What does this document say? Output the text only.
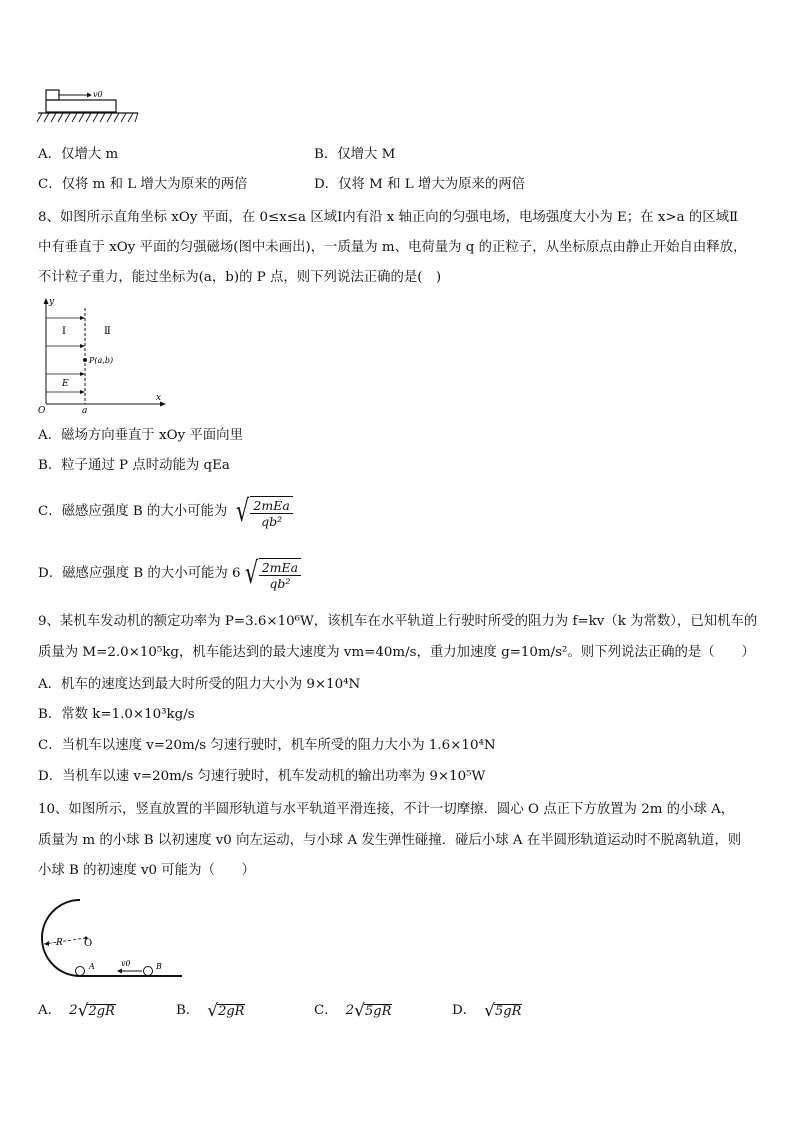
v0
A．仅增大 m	B．仅增大 M
C．仅将 m 和 L 增大为原来的两倍	D．仅将 M 和 L 增大为原来的两倍
8、如图所示直角坐标 xOy 平面，在 0≤x≤a 区域Ⅰ内有沿 x 轴正向的匀强电场，电场强度大小为 E；在 x>a 的区域Ⅱ
中有垂直于 xOy 平面的匀强磁场(图中未画出)，一质量为 m、电荷量为 q 的正粒子，从坐标原点由静止开始自由释放，
不计粒子重力，能过坐标为(a，b)的 P 点，则下列说法正确的是(　)
y
x
O	a
Ⅰ	Ⅱ
E
P(a,b)
A．磁场方向垂直于 xOy 平面向里
B．粒子通过 P 点时动能为 qEa
C．磁感应强度 B 的大小可能为 √ $\frac{\text{2mEa}}{\text{qb²}}$
D．磁感应强度 B 的大小可能为 6 √ $\frac{\text{2mEa}}{\text{qb²}}$
9、某机车发动机的额定功率为 P=3.6×10⁶W，该机车在水平轨道上行驶时所受的阻力为 f=kv（k 为常数），已知机车的
质量为 M=2.0×10⁵kg，机车能达到的最大速度为 vm=40m/s，重力加速度 g=10m/s²。则下列说法正确的是（　　）
A．机车的速度达到最大时所受的阻力大小为 9×10⁴N
B．常数 k=1.0×10³kg/s
C．当机车以速度 v=20m/s 匀速行驶时，机车所受的阻力大小为 1.6×10⁴N
D．当机车以速 v=20m/s 匀速行驶时，机车发动机的输出功率为 9×10⁵W
10、如图所示，竖直放置的半圆形轨道与水平轨道平滑连接，不计一切摩擦．圆心 O 点正下方放置为 2m 的小球 A，
质量为 m 的小球 B 以初速度 v0 向左运动，与小球 A 发生弹性碰撞．碰后小球 A 在半圆形轨道运动时不脱离轨道，则
小球 B 的初速度 v0 可能为（　　）
R O
A	B
v0
A． 2 √ 2gR	B． √ 2gR	C． 2 √ 5gR	D． √ 5gR
